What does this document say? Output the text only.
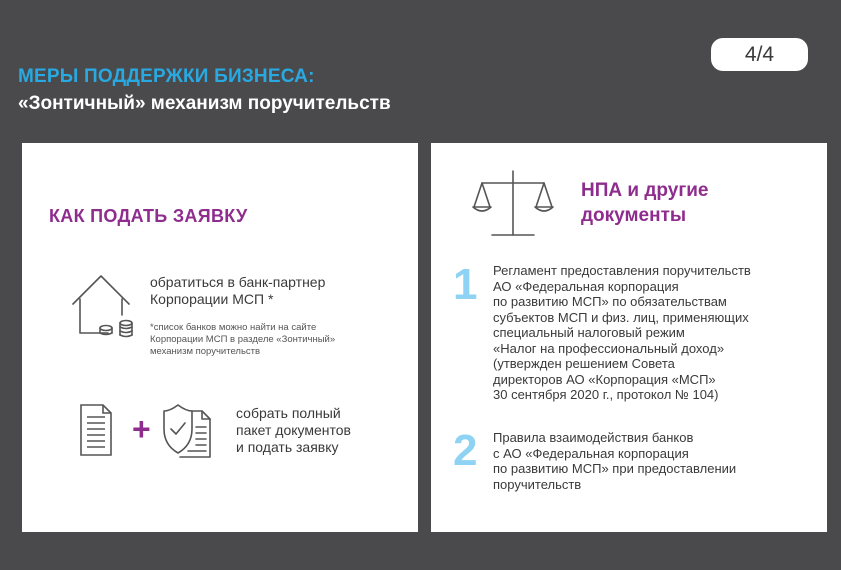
4/4
МЕРЫ ПОДДЕРЖКИ БИЗНЕСА:
«Зонтичный» механизм поручительств
КАК ПОДАТЬ ЗАЯВКУ
обратиться в банк-партнер
Корпорации МСП *
*список банков можно найти на сайте
Корпорации МСП в разделе «Зонтичный»
механизм поручительств
+	собрать полный
пакет документов
и подать заявку
НПА и другие
документы
1 Регламент предоставления поручительств
АО «Федеральная корпорация
по развитию МСП» по обязательствам
субъектов МСП и физ. лиц, применяющих
специальный налоговый режим
«Налог на профессиональный доход»
(утвержден решением Совета
директоров АО «Корпорация «МСП»
30 сентября 2020 г., протокол № 104)
2 Правила взаимодействия банков
с АО «Федеральная корпорация
по развитию МСП» при предоставлении
поручительств
